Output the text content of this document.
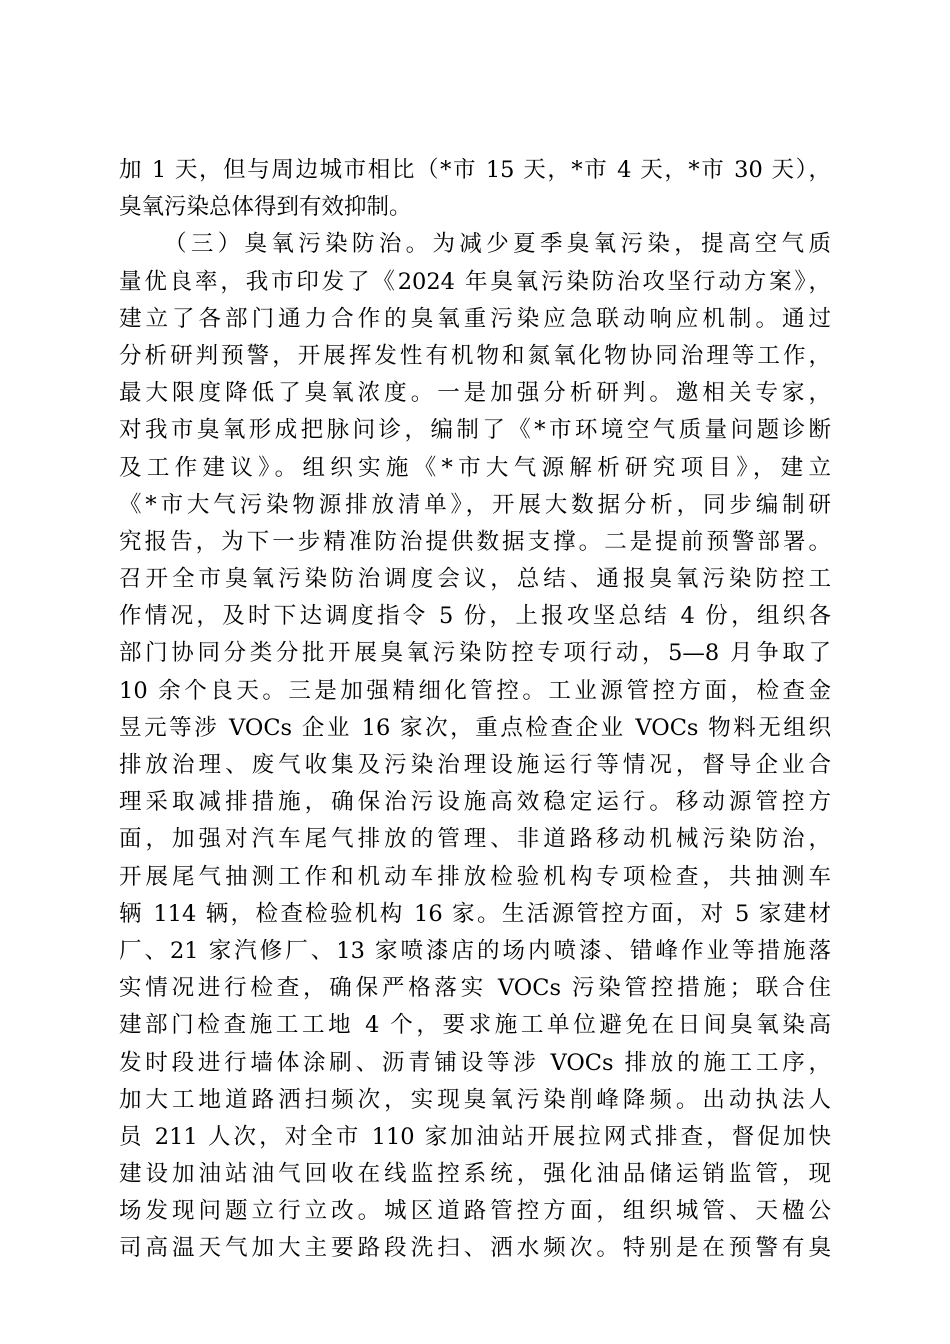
加 1 天，但与周边城市相比（*市 15 天，*市 4 天，*市 30 天），
臭氧污染总体得到有效抑制。
（三）臭氧污染防治。为减少夏季臭氧污染，提高空气质
量优良率，我市印发了《2024 年臭氧污染防治攻坚行动方案》，
建立了各部门通力合作的臭氧重污染应急联动响应机制。通过
分析研判预警，开展挥发性有机物和氮氧化物协同治理等工作，
最大限度降低了臭氧浓度。一是加强分析研判。邀相关专家，
对我市臭氧形成把脉问诊，编制了《*市环境空气质量问题诊断
及工作建议》。组织实施《*市大气源解析研究项目》，建立
《*市大气污染物源排放清单》，开展大数据分析，同步编制研
究报告，为下一步精准防治提供数据支撑。二是提前预警部署。
召开全市臭氧污染防治调度会议，总结、通报臭氧污染防控工
作情况，及时下达调度指令 5 份，上报攻坚总结 4 份，组织各
部门协同分类分批开展臭氧污染防控专项行动，5—8 月争取了
10 余个良天。三是加强精细化管控。工业源管控方面，检查金
昱元等涉 VOCs 企业 16 家次，重点检查企业 VOCs 物料无组织
排放治理、废气收集及污染治理设施运行等情况，督导企业合
理采取减排措施，确保治污设施高效稳定运行。移动源管控方
面，加强对汽车尾气排放的管理、非道路移动机械污染防治，
开展尾气抽测工作和机动车排放检验机构专项检查，共抽测车
辆 114 辆，检查检验机构 16 家。生活源管控方面，对 5 家建材
厂、21 家汽修厂、13 家喷漆店的场内喷漆、错峰作业等措施落
实情况进行检查，确保严格落实 VOCs 污染管控措施；联合住
建部门检查施工工地 4 个，要求施工单位避免在日间臭氧染高
发时段进行墙体涂刷、沥青铺设等涉 VOCs 排放的施工工序，
加大工地道路洒扫频次，实现臭氧污染削峰降频。出动执法人
员 211 人次，对全市 110 家加油站开展拉网式排查，督促加快
建设加油站油气回收在线监控系统，强化油品储运销监管，现
场发现问题立行立改。城区道路管控方面，组织城管、天楹公
司高温天气加大主要路段洗扫、洒水频次。特别是在预警有臭
